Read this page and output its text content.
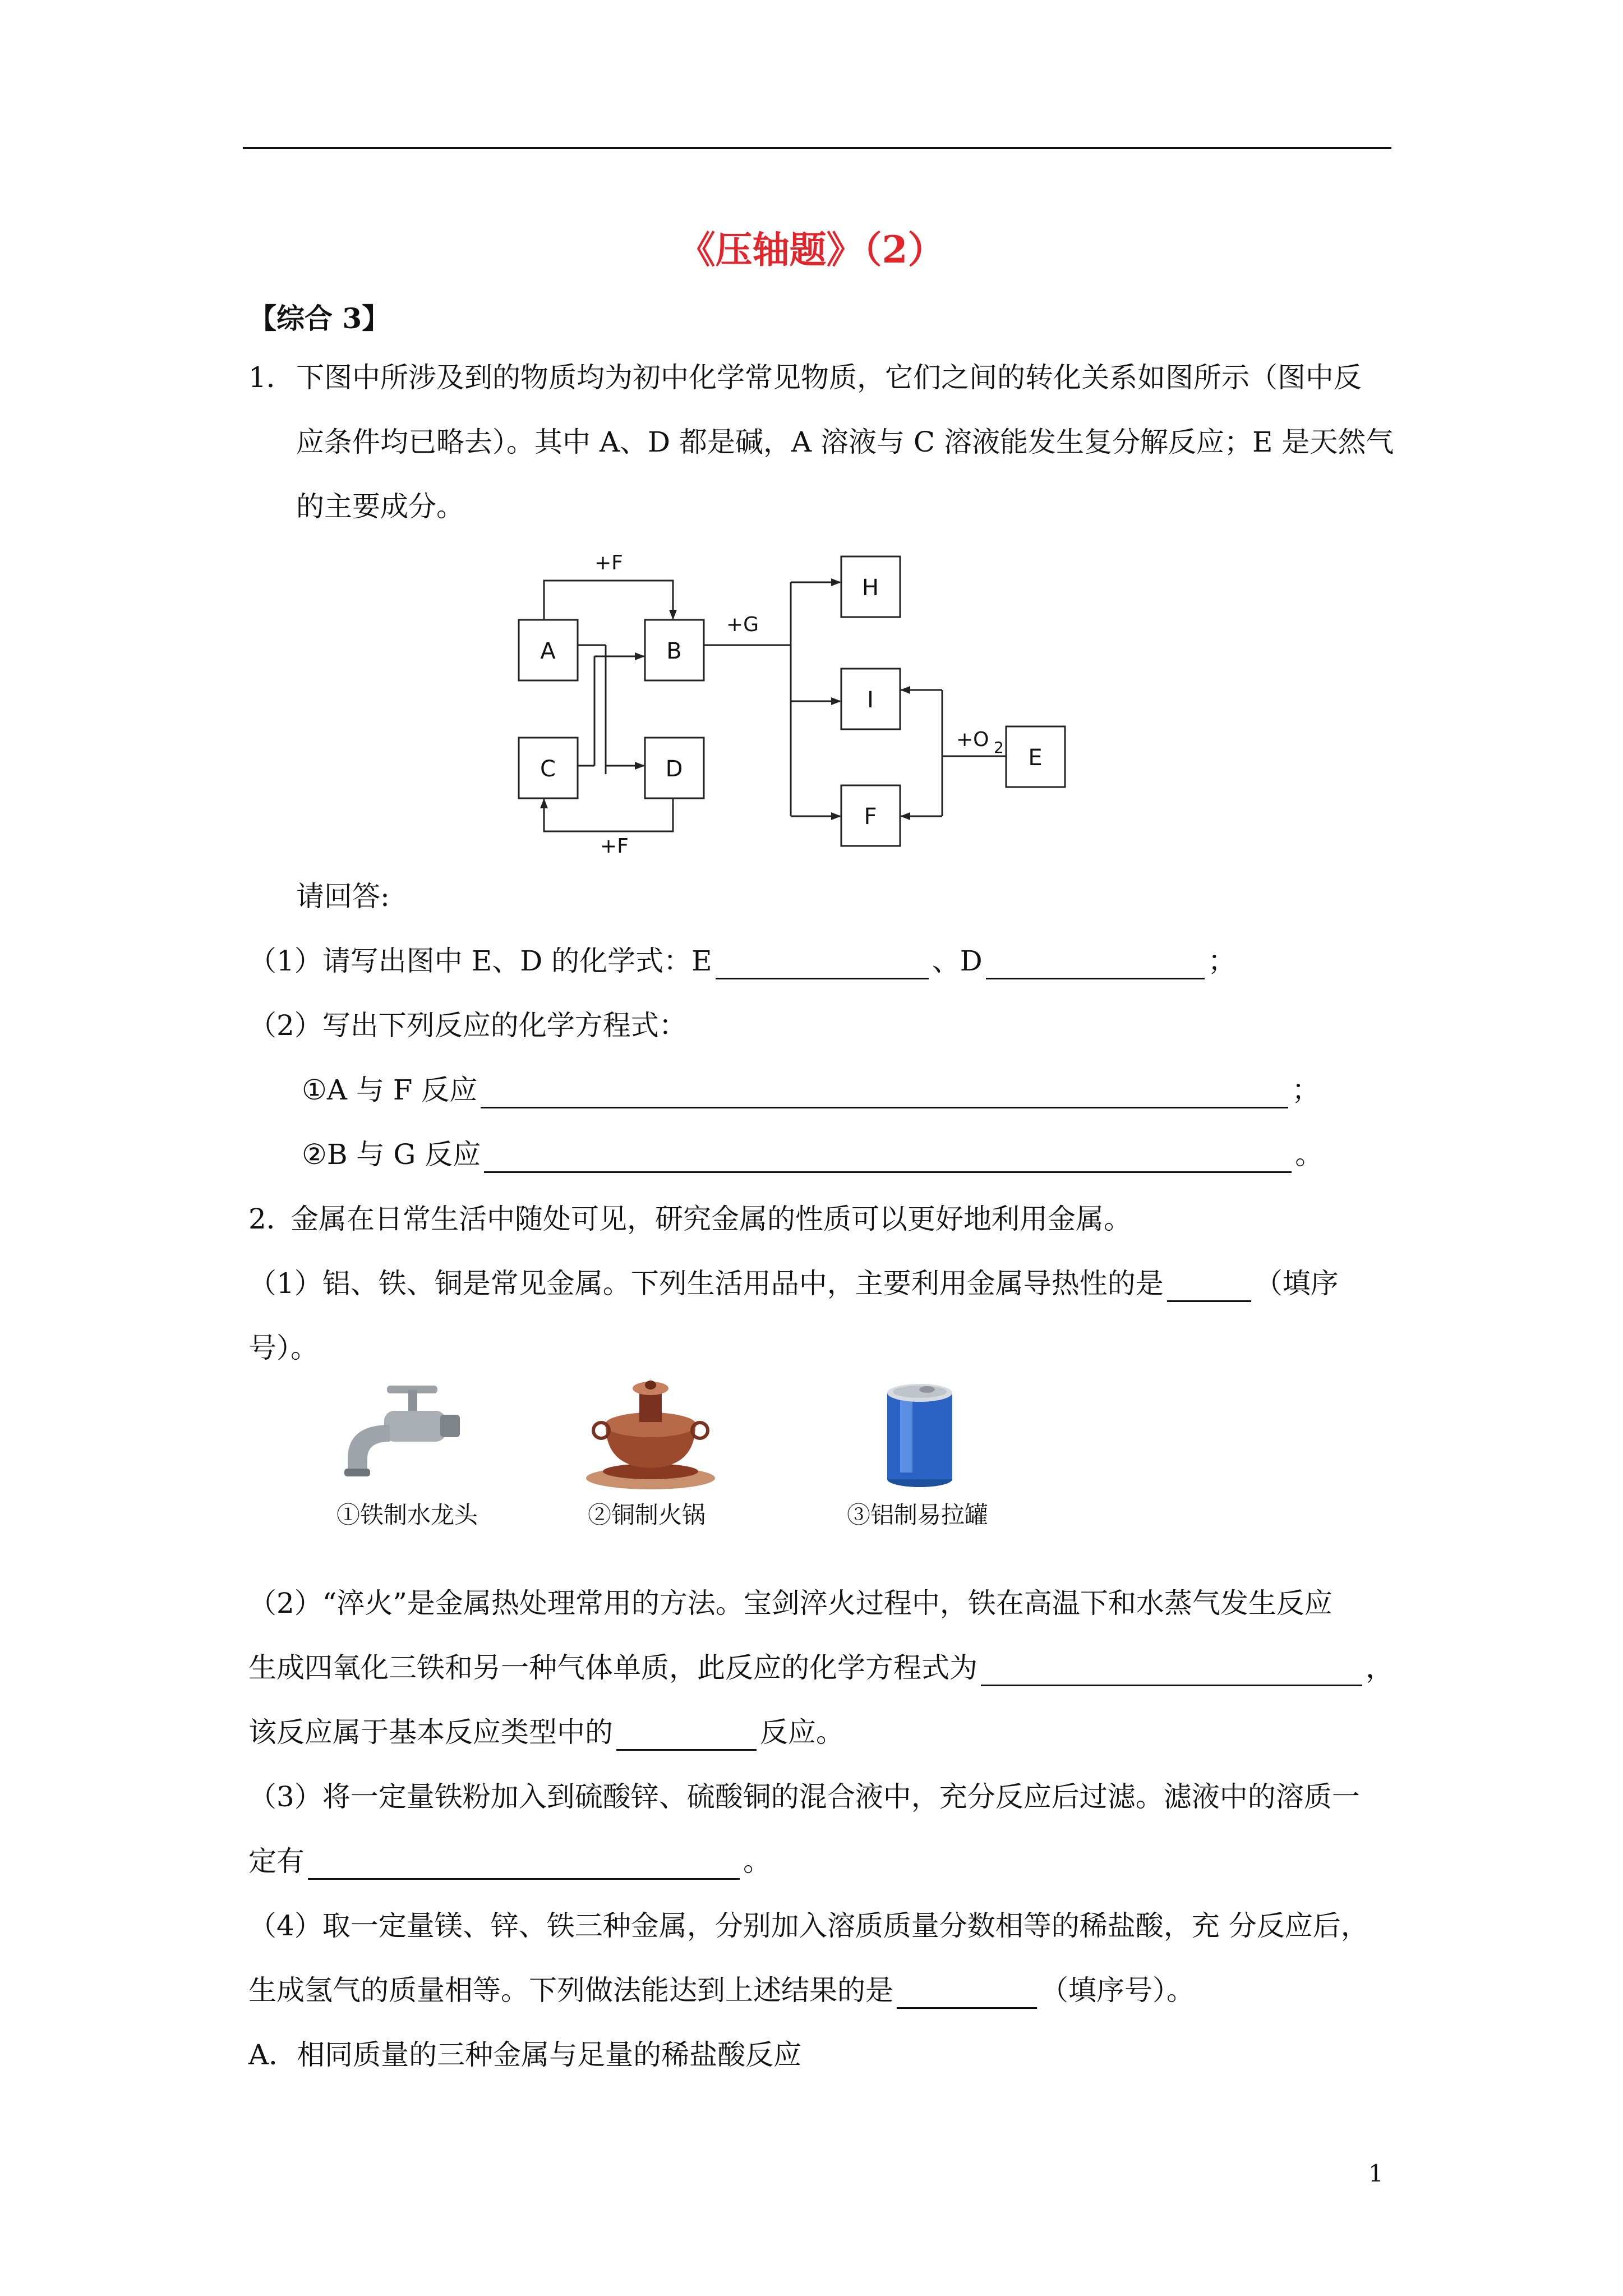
《压轴题》（2）
【综合 3】
1． 下图中所涉及到的物质均为初中化学常见物质，它们之间的转化关系如图所示（图中反
应条件均已略去）。其中 A、D 都是碱，A 溶液与 C 溶液能发生复分解反应；E 是天然气
的主要成分。
A	B
C	D
H
I
F
E
+F
+F
+G
+O 2
请回答:
（1）请写出图中 E、D 的化学式：E	、D	；
（2）写出下列反应的化学方程式：
①A 与 F 反应	；
②B 与 G 反应	。
2．
金属在日常生活中随处可见，研究金属的性质可以更好地利用金属。
（1）铝、铁、铜是常见金属。下列生活用品中，主要利用金属导热性的是	（填序
号）。
①铁制水龙头	②铜制火锅	③铝制易拉罐
（2）“淬火”是金属热处理常用的方法。宝剑淬火过程中，铁在高温下和水蒸气发生反应
生成四氧化三铁和另一种气体单质，此反应的化学方程式为	，
该反应属于基本反应类型中的	反应。
（3）将一定量铁粉加入到硫酸锌、硫酸铜的混合液中，充分反应后过滤。滤液中的溶质一
定有	。
（4）取一定量镁、锌、铁三种金属，分别加入溶质质量分数相等的稀盐酸，充 分反应后，
生成氢气的质量相等。下列做法能达到上述结果的是	（填序号）。
A．相同质量的三种金属与足量的稀盐酸反应
1
